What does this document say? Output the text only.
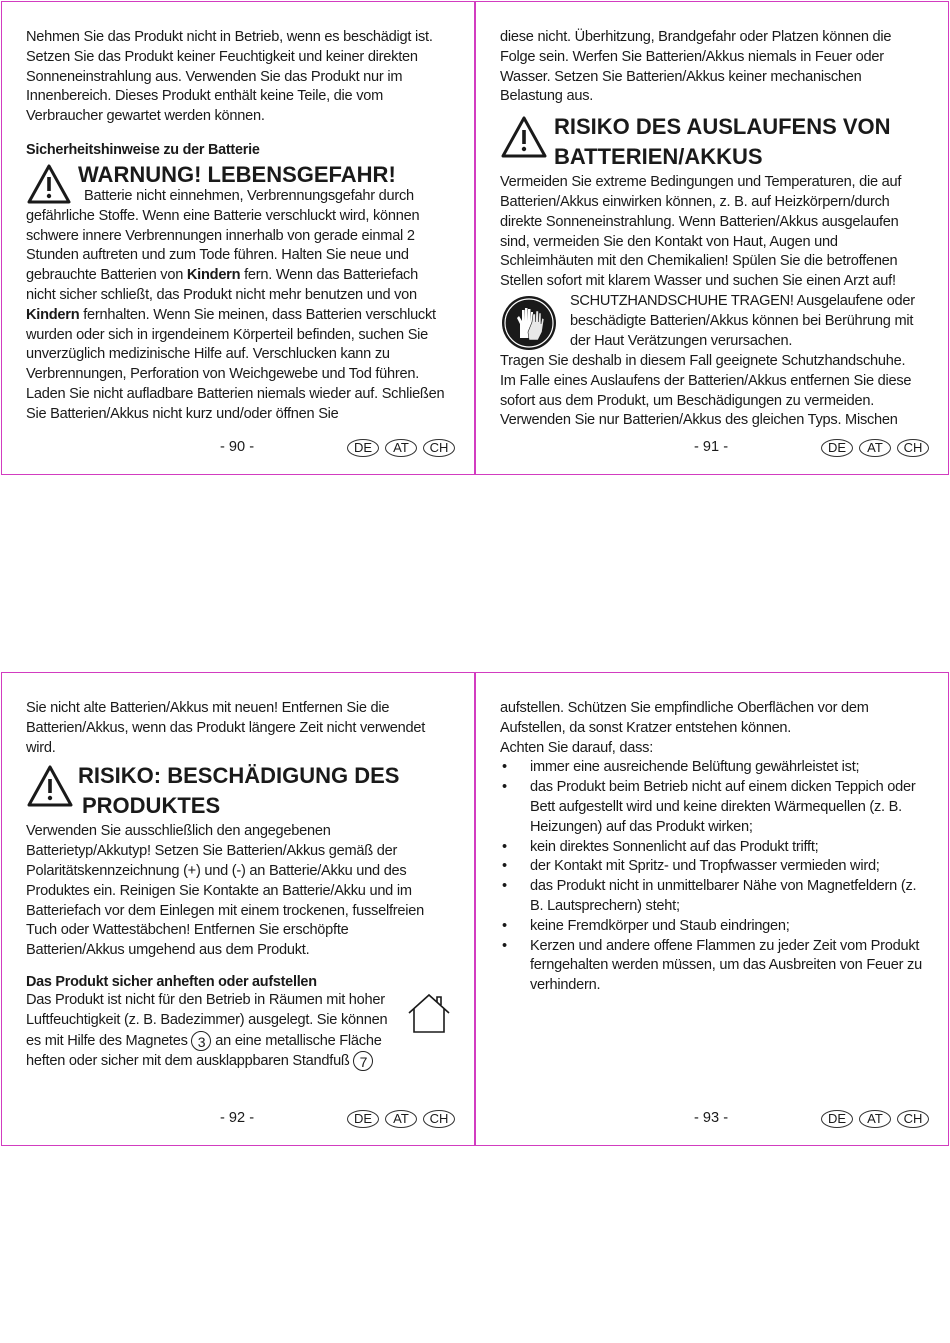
Nehmen Sie das Produkt nicht in Betrieb, wenn es beschädigt ist. Setzen Sie das Produkt keiner Feuchtigkeit und keiner direkten Sonneneinstrahlung aus. Verwenden Sie das Produkt nur im Innenbereich. Dieses Produkt enthält keine Teile, die vom Verbraucher gewartet werden können.

Sicherheitshinweise zu der Batterie

WARNUNG! LEBENSGEFAHR!

Batterie nicht einnehmen, Verbrennungsgefahr durch gefährliche Stoffe. Wenn eine Batterie verschluckt wird, können schwere innere Verbrennungen innerhalb von gerade einmal 2 Stunden auftreten und zum Tode führen. Halten Sie neue und gebrauchte Batterien von Kindern fern. Wenn das Batteriefach nicht sicher schließt, das Produkt nicht mehr benutzen und von Kindern fernhalten. Wenn Sie meinen, dass Batterien verschluckt wurden oder sich in irgendeinem Körperteil befinden, suchen Sie unverzüglich medizinische Hilfe auf. Verschlucken kann zu Verbrennungen, Perforation von Weichgewebe und Tod führen. Laden Sie nicht aufladbare Batterien niemals wieder auf. Schließen Sie Batterien/Akkus nicht kurz und/oder öffnen Sie

- 90 -	DE	AT	CH

diese nicht. Überhitzung, Brandgefahr oder Platzen können die Folge sein. Werfen Sie Batterien/Akkus niemals in Feuer oder Wasser. Setzen Sie Batterien/Akkus keiner mechanischen Belastung aus.

RISIKO DES AUSLAUFENS VON
BATTERIEN/AKKUS

Vermeiden Sie extreme Bedingungen und Temperaturen, die auf Batterien/Akkus einwirken können, z. B. auf Heizkörpern/durch direkte Sonneneinstrahlung. Wenn Batterien/Akkus ausgelaufen sind, vermeiden Sie den Kontakt von Haut, Augen und Schleimhäuten mit den Chemikalien! Spülen Sie die betroffenen Stellen sofort mit klarem Wasser und suchen Sie einen Arzt auf!

SCHUTZHANDSCHUHE TRAGEN! Ausgelaufene oder beschädigte Batterien/Akkus können bei Berührung mit der Haut Verätzungen verursachen.

Tragen Sie deshalb in diesem Fall geeignete Schutzhandschuhe. Im Falle eines Auslaufens der Batterien/Akkus entfernen Sie diese sofort aus dem Produkt, um Beschädigungen zu vermeiden. Verwenden Sie nur Batterien/Akkus des gleichen Typs. Mischen

- 91 -	DE	AT	CH

Sie nicht alte Batterien/Akkus mit neuen! Entfernen Sie die Batterien/Akkus, wenn das Produkt längere Zeit nicht verwendet wird.

RISIKO: BESCHÄDIGUNG DES
PRODUKTES

Verwenden Sie ausschließlich den angegebenen Batterietyp/Akkutyp! Setzen Sie Batterien/Akkus gemäß der Polaritätskennzeichnung (+) und (-) an Batterie/Akku und des Produktes ein. Reinigen Sie Kontakte an Batterie/Akku und im Batteriefach vor dem Einlegen mit einem trockenen, fusselfreien Tuch oder Wattestäbchen! Entfernen Sie erschöpfte Batterien/Akkus umgehend aus dem Produkt.

Das Produkt sicher anheften oder aufstellen

Das Produkt ist nicht für den Betrieb in Räumen mit hoher Luftfeuchtigkeit (z. B. Badezimmer) ausgelegt. Sie können es mit Hilfe des Magnetes 3 an eine metallische Fläche heften oder sicher mit dem ausklappbaren Standfuß 7

- 92 -	DE	AT	CH

aufstellen. Schützen Sie empfindliche Oberflächen vor dem Aufstellen, da sonst Kratzer entstehen können.

Achten Sie darauf, dass:

• immer eine ausreichende Belüftung gewährleistet ist;
• das Produkt beim Betrieb nicht auf einem dicken Teppich oder Bett aufgestellt wird und keine direkten Wärmequellen (z. B. Heizungen) auf das Produkt wirken;
• kein direktes Sonnenlicht auf das Produkt trifft;
• der Kontakt mit Spritz- und Tropfwasser vermieden wird;
• das Produkt nicht in unmittelbarer Nähe von Magnetfeldern (z. B. Lautsprechern) steht;
• keine Fremdkörper und Staub eindringen;
• Kerzen und andere offene Flammen zu jeder Zeit vom Produkt ferngehalten werden müssen, um das Ausbreiten von Feuer zu verhindern.
- 93 -	DE	AT	CH
